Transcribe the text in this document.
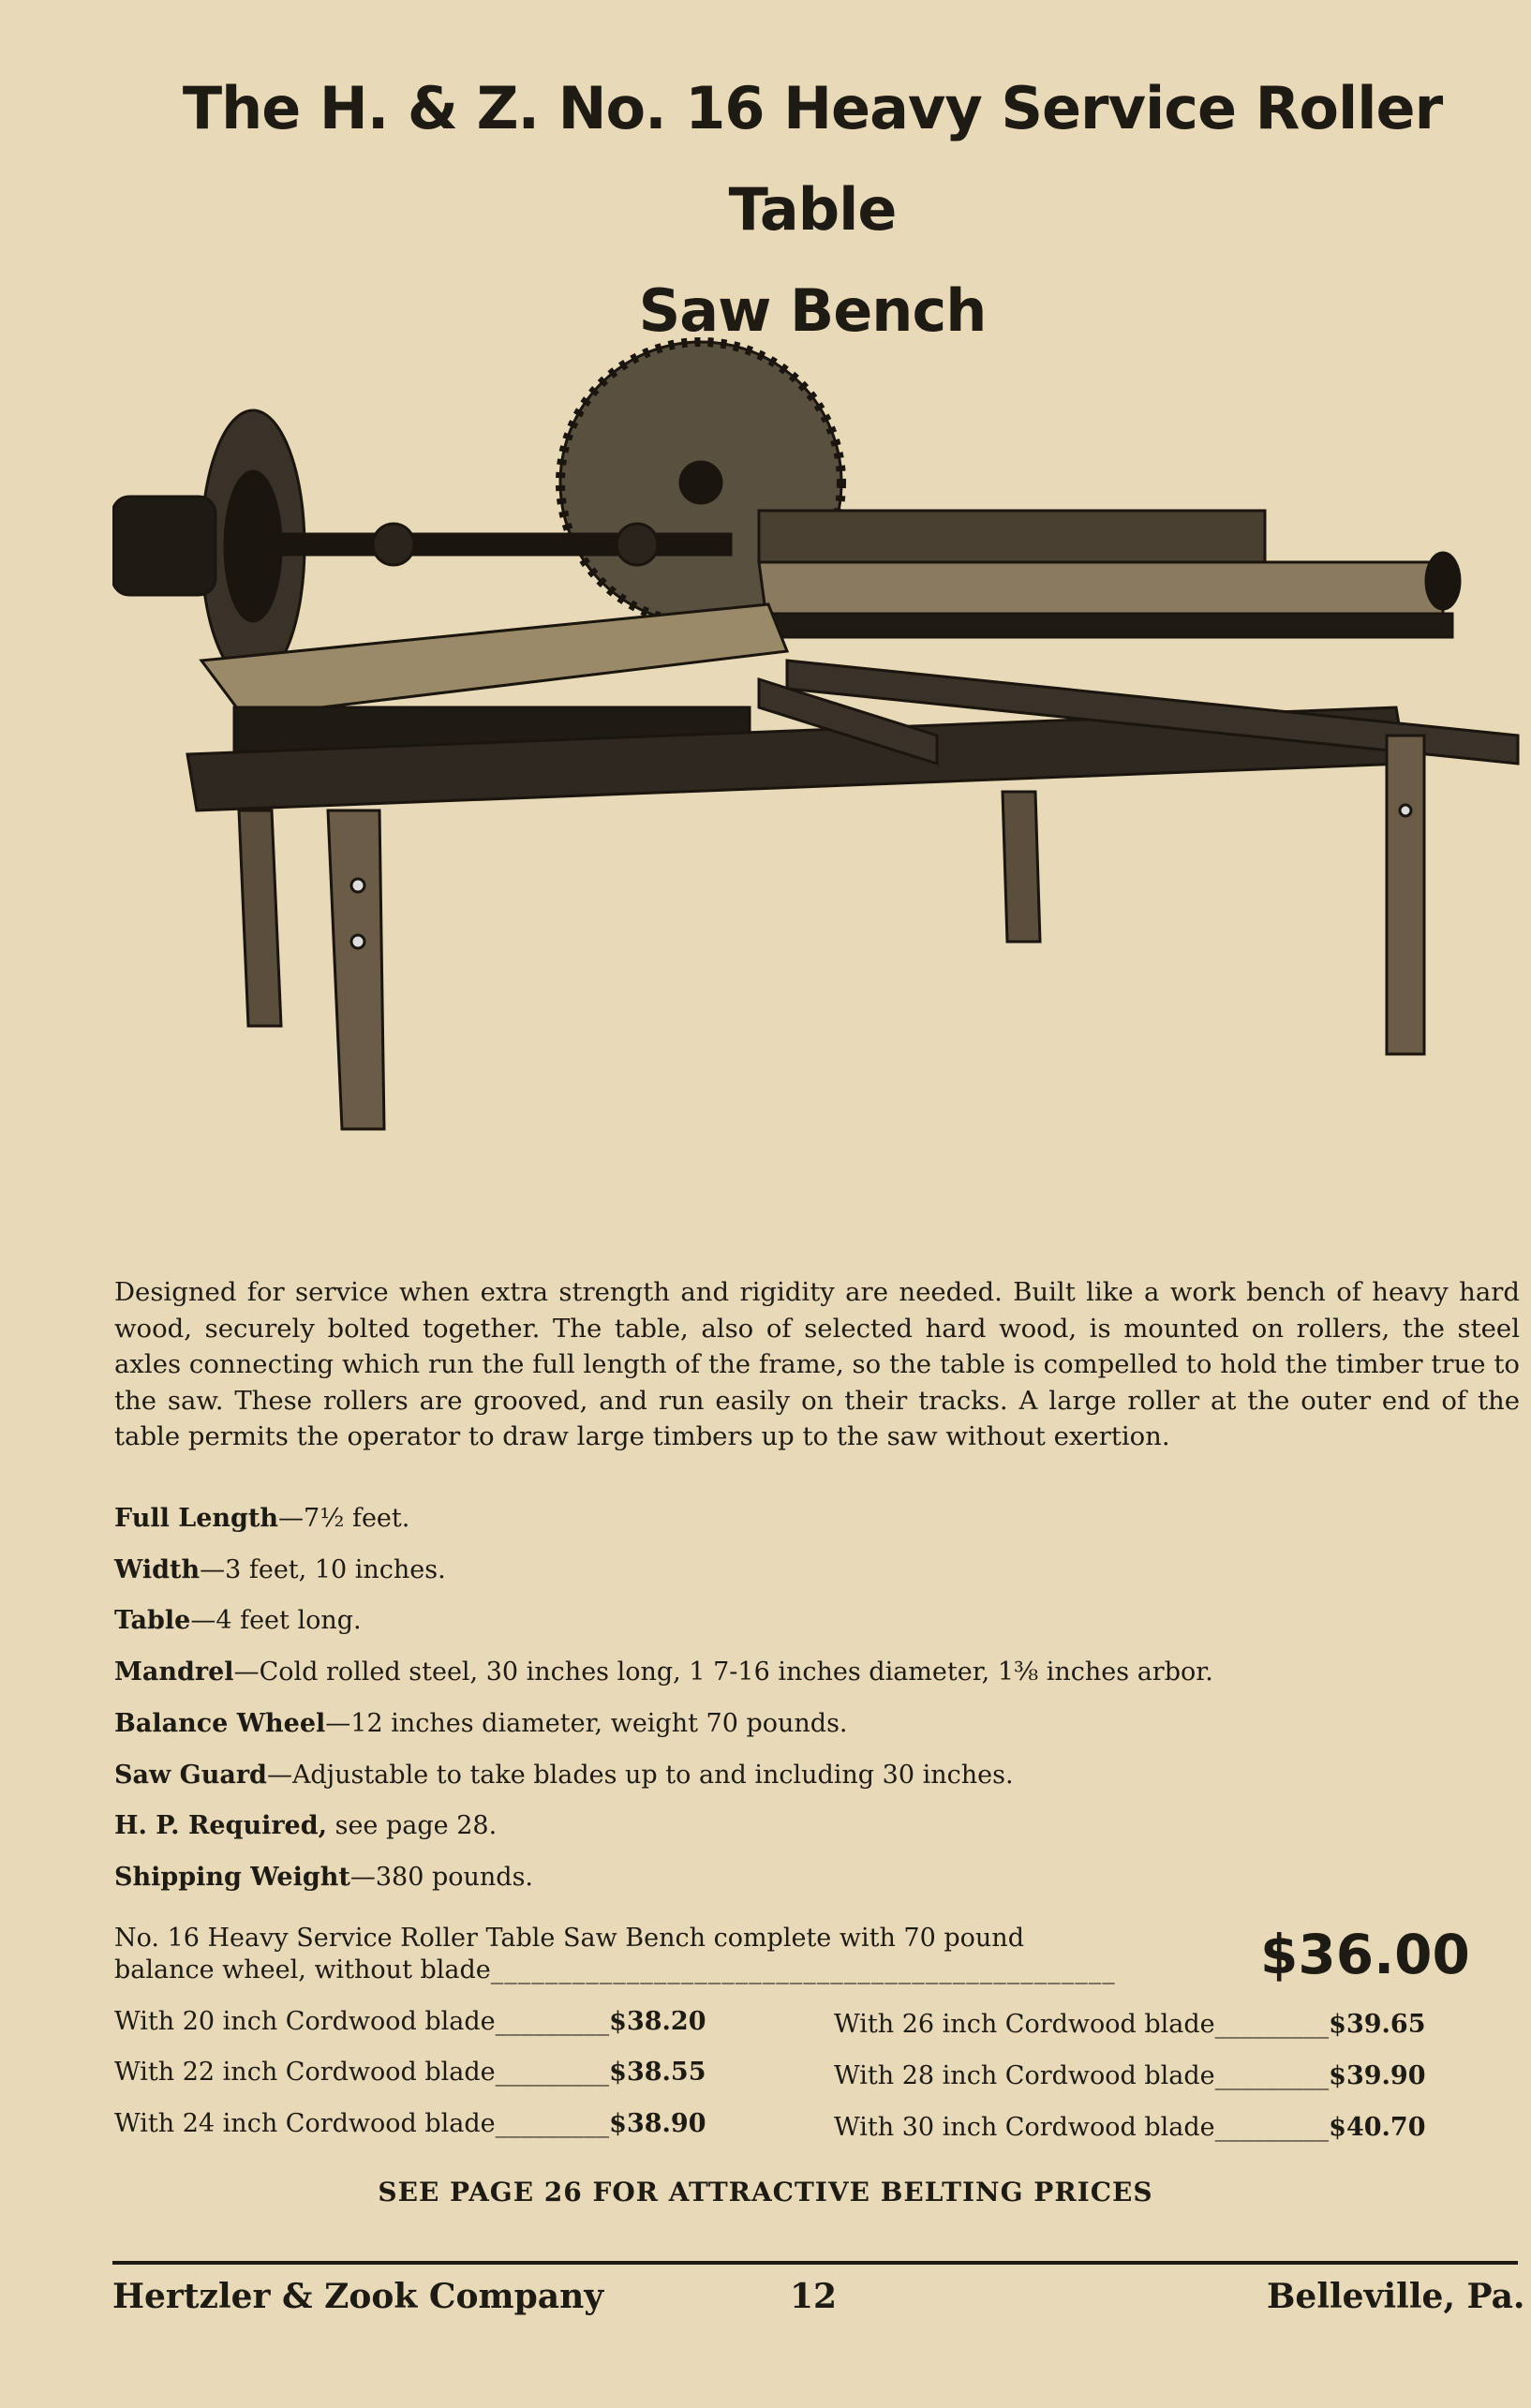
The H. & Z. No. 16 Heavy Service Roller Table
Saw Bench
Designed for service when extra strength and rigidity are needed. Built like a work bench of heavy hard wood, securely bolted together. The table, also of selected hard wood, is mounted on rollers, the steel axles connecting which run the full length of the frame, so the table is compelled to hold the timber true to the saw. These rollers are grooved, and run easily on their tracks. A large roller at the outer end of the table permits the operator to draw large timbers up to the saw without exertion.
Full Length—7½ feet.
Width—3 feet, 10 inches.
Table—4 feet long.
Mandrel—Cold rolled steel, 30 inches long, 1 7-16 inches diameter, 1⅜ inches arbor.
Balance Wheel—12 inches diameter, weight 70 pounds.
Saw Guard—Adjustable to take blades up to and including 30 inches.
H. P. Required, see page 28.
Shipping Weight—380 pounds.
No. 16 Heavy Service Roller Table Saw Bench complete with 70 pound
balance wheel, without blade______________________________________________	$36.00
With 20 inch Cordwood blade_________$38.20
With 22 inch Cordwood blade_________$38.55
With 24 inch Cordwood blade_________$38.90
With 26 inch Cordwood blade_________$39.65
With 28 inch Cordwood blade_________$39.90
With 30 inch Cordwood blade_________$40.70
SEE PAGE 26 FOR ATTRACTIVE BELTING PRICES
Hertzler & Zook Company	12	Belleville, Pa.
